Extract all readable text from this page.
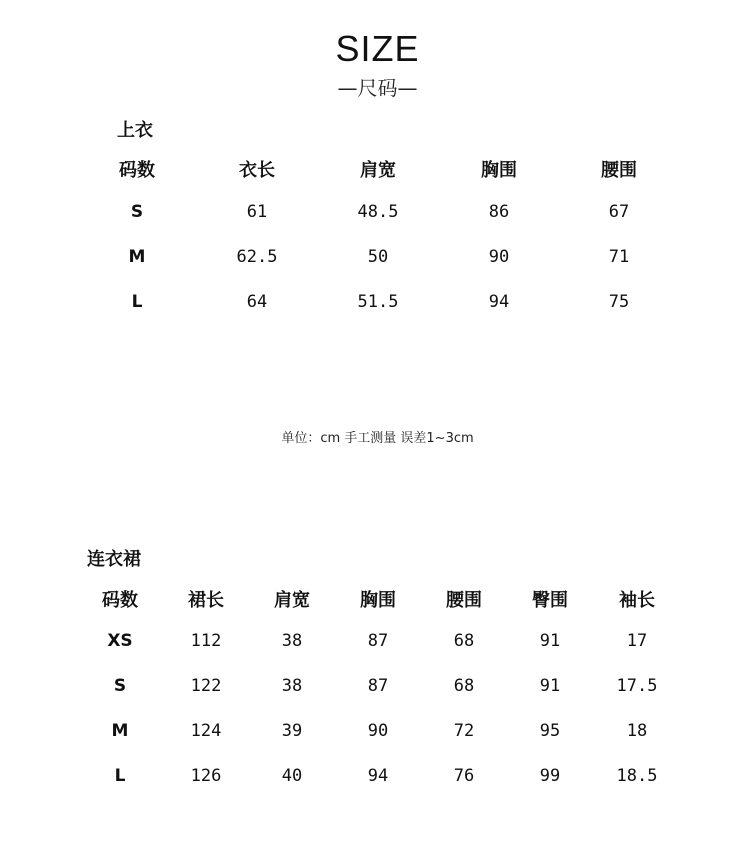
SIZE
—尺码—
上衣
码数	衣长	肩宽	胸围	腰围
S	61	48.5	86	67
M	62.5	50	90	71
L	64	51.5	94	75
单位：cm 手工测量 误差1~3cm
连衣裙
码数	裙长	肩宽	胸围	腰围	臀围	袖长
XS	112	38	87	68	91	17
S	122	38	87	68	91	17.5
M	124	39	90	72	95	18
L	126	40	94	76	99	18.5
